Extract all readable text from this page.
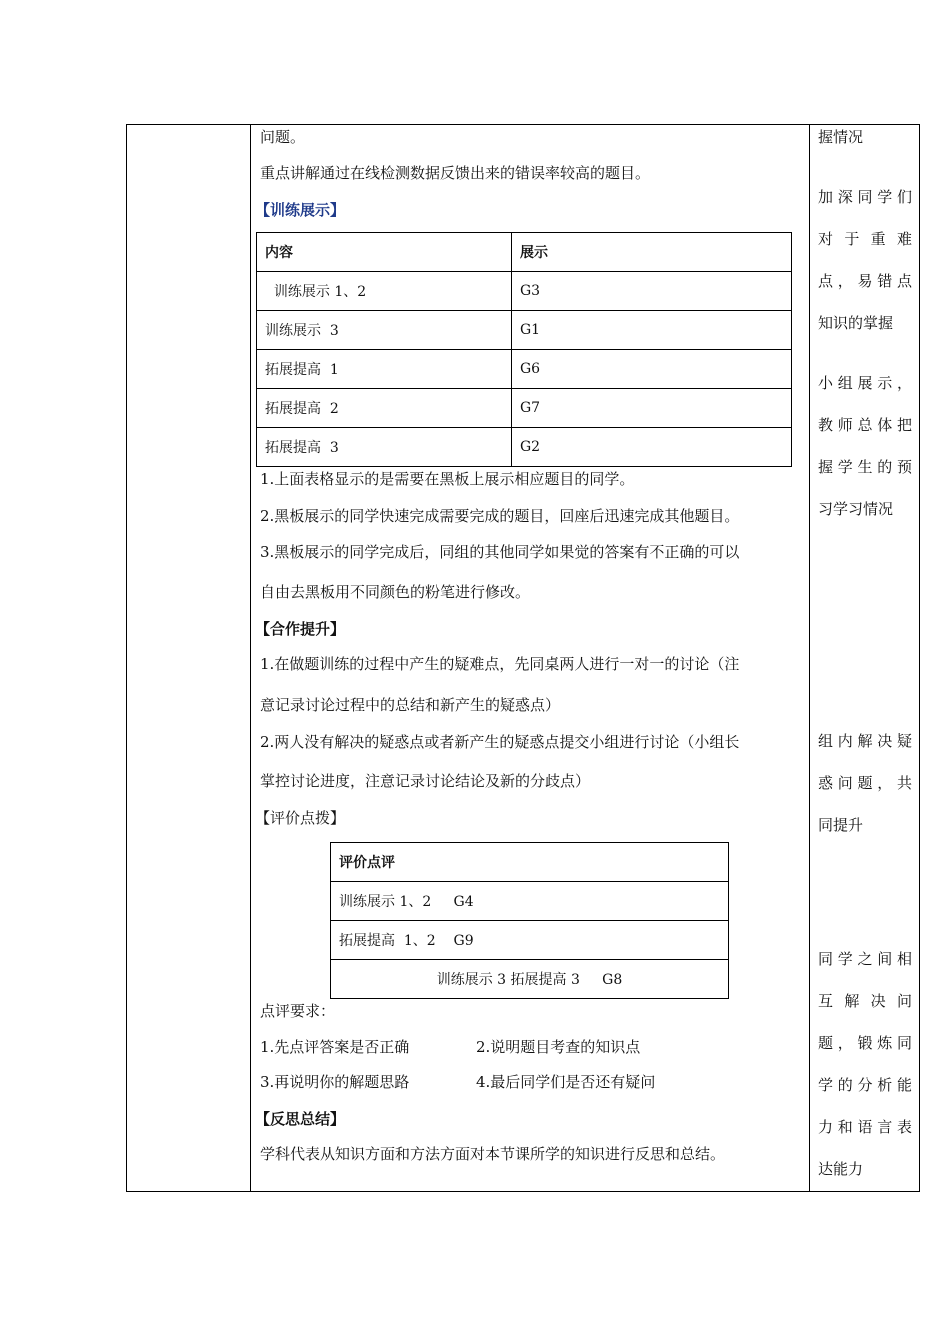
问题。
重点讲解通过在线检测数据反馈出来的错误率较高的题目。
【训练展示】
内容	展示
训练展示 1、2	G3
训练展示  3	G1
拓展提高  1	G6
拓展提高  2	G7
拓展提高  3	G2
1.上面表格显示的是需要在黑板上展示相应题目的同学。
2.黑板展示的同学快速完成需要完成的题目，回座后迅速完成其他题目。
3.黑板展示的同学完成后，同组的其他同学如果觉的答案有不正确的可以
自由去黑板用不同颜色的粉笔进行修改。
【合作提升】
1.在做题训练的过程中产生的疑难点，先同桌两人进行一对一的讨论（注
意记录讨论过程中的总结和新产生的疑惑点）
2.两人没有解决的疑惑点或者新产生的疑惑点提交小组进行讨论（小组长
掌控讨论进度，注意记录讨论结论及新的分歧点）
【评价点拨】
评价点评
训练展示 1、2     G4
拓展提高  1、2    G9
训练展示 3 拓展提高 3     G8
点评要求：
1.先点评答案是否正确	2.说明题目考查的知识点
3.再说明你的解题思路	4.最后同学们是否还有疑问
【反思总结】
学科代表从知识方面和方法方面对本节课所学的知识进行反思和总结。
握情况
加深同学们
对于重难
点，易错点
知识的掌握
小组展示，
教师总体把
握学生的预
习学习情况
组内解决疑
惑问题，共
同提升
同学之间相
互解决问
题，锻炼同
学的分析能
力和语言表
达能力
